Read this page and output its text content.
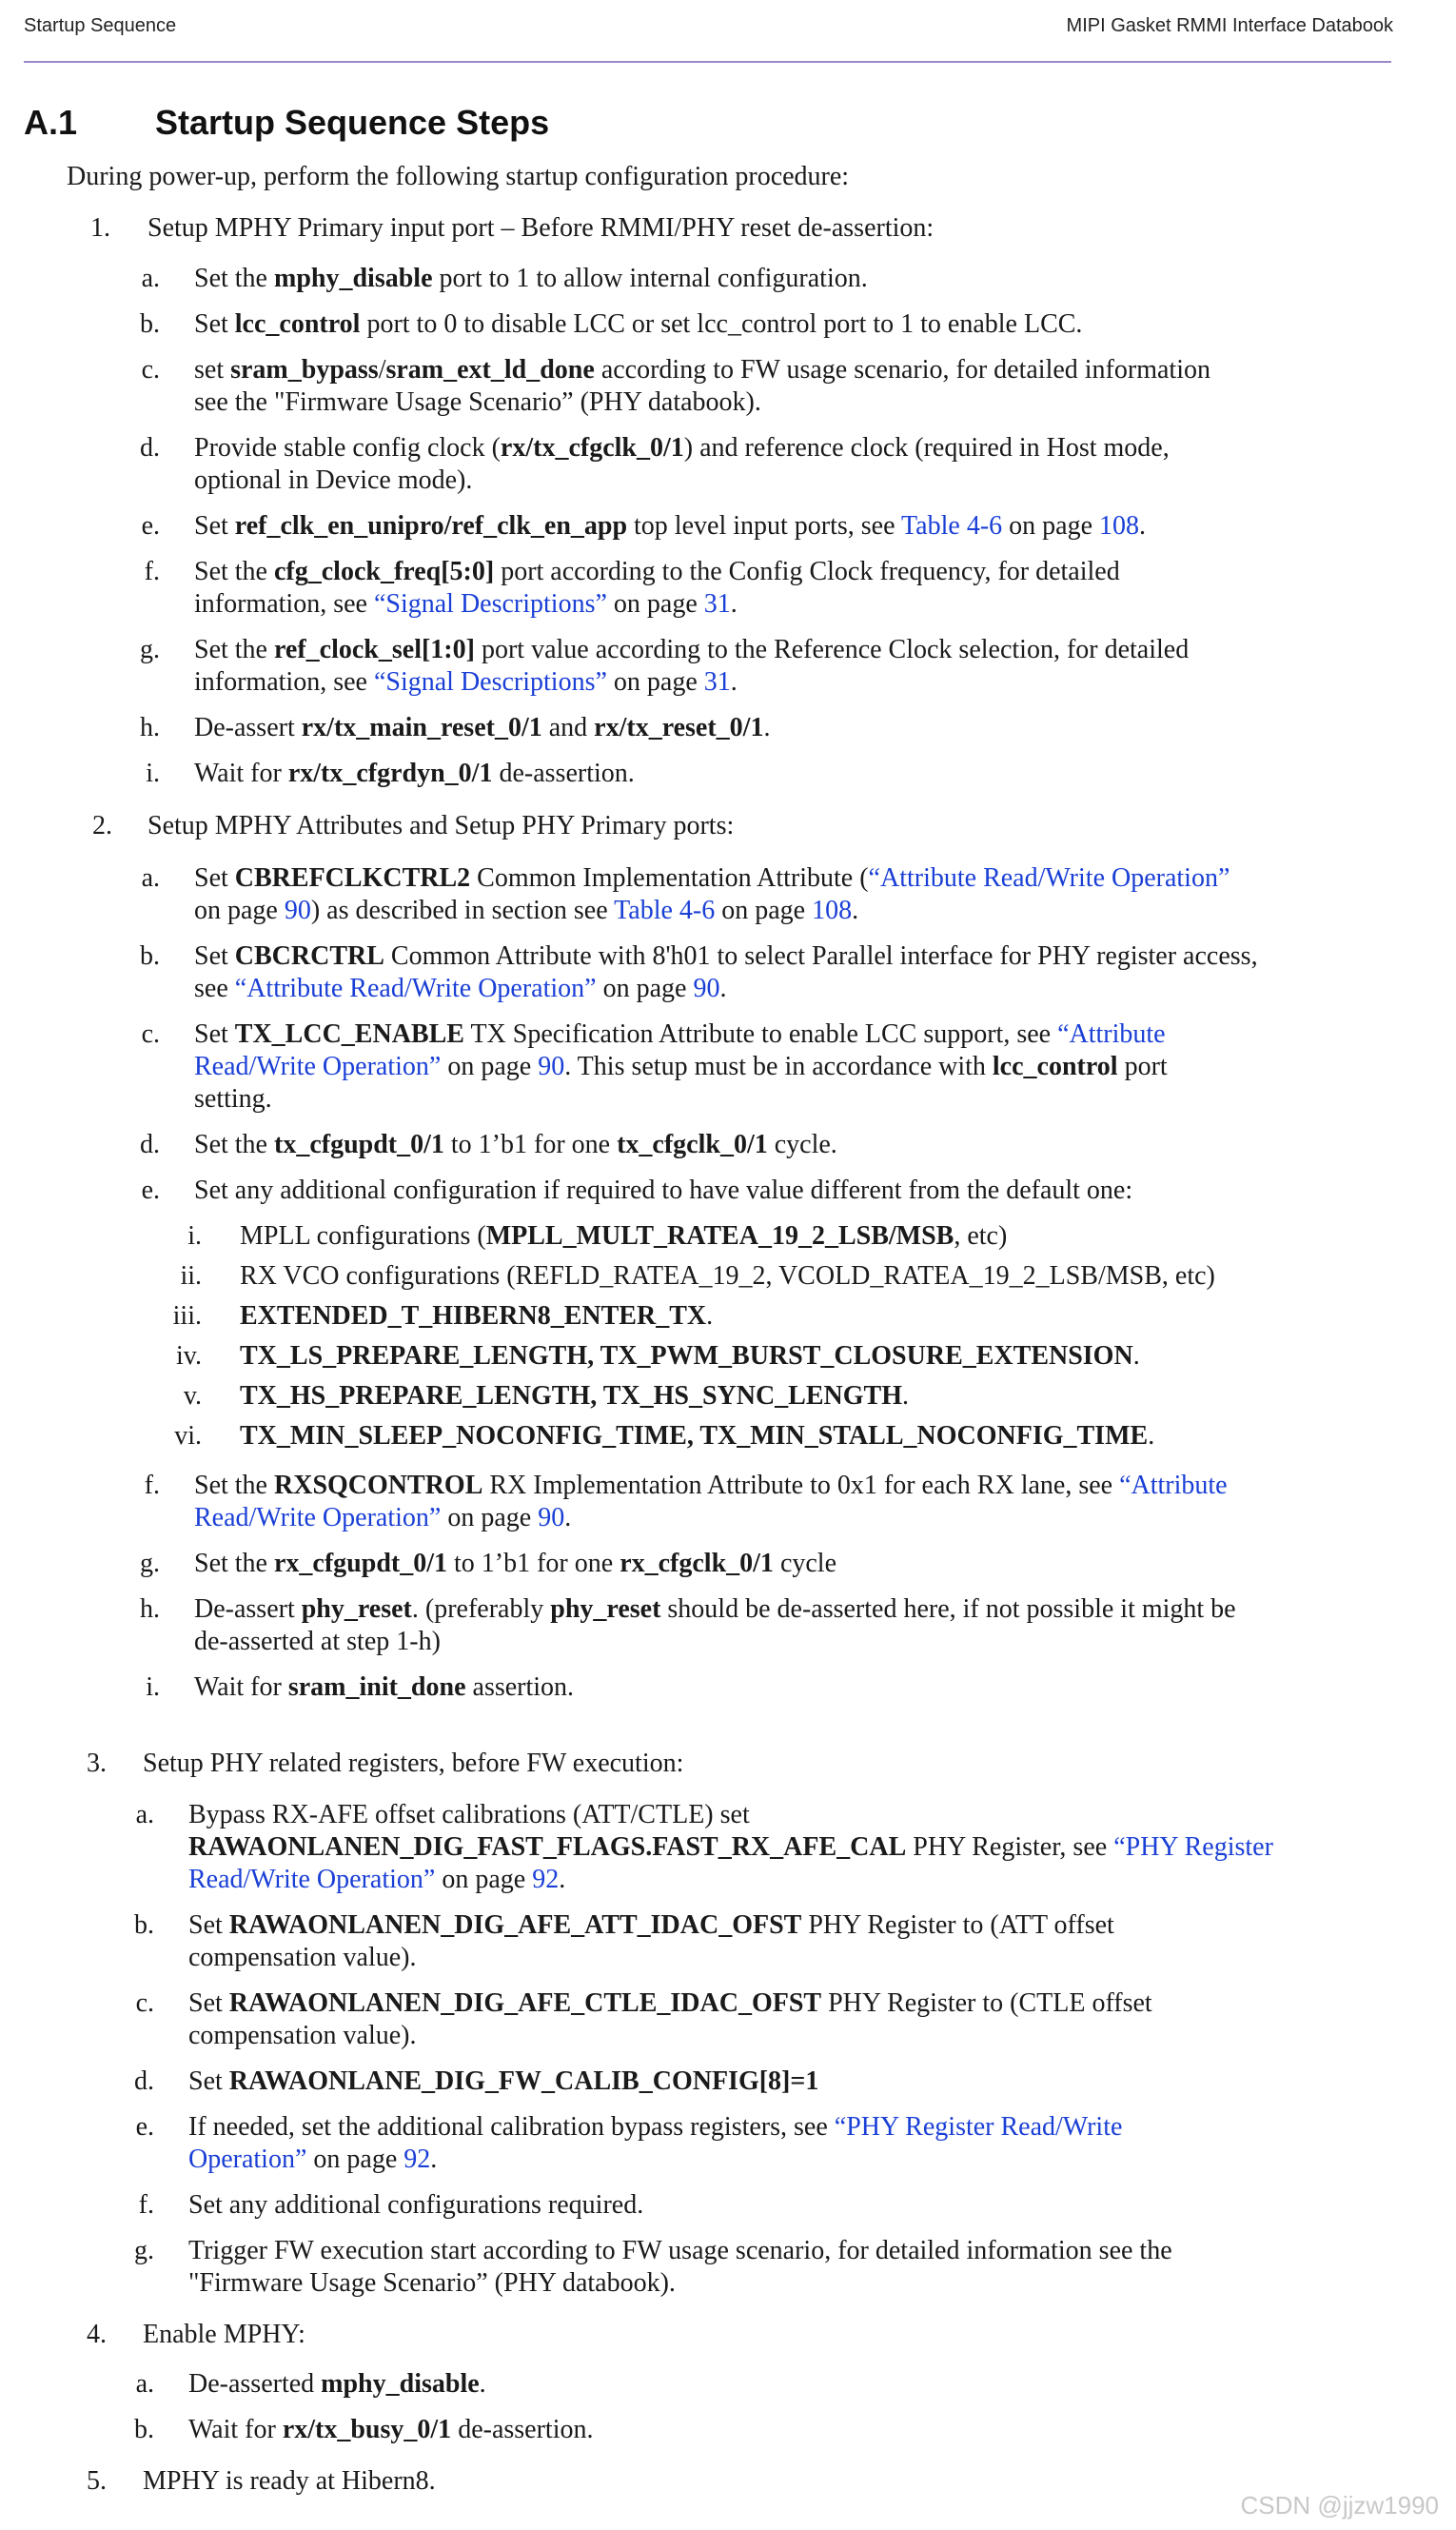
Startup Sequence	MIPI Gasket RMMI Interface Databook
A.1 Startup Sequence Steps
During power-up, perform the following startup configuration procedure:
1. Setup MPHY Primary input port – Before RMMI/PHY reset de-assertion:
a. Set the mphy_disable port to 1 to allow internal configuration.
b. Set lcc_control port to 0 to disable LCC or set lcc_control port to 1 to enable LCC.
c. set sram_bypass/sram_ext_ld_done according to FW usage scenario, for detailed information
see the "Firmware Usage Scenario” (PHY databook).
d. Provide stable config clock (rx/tx_cfgclk_0/1) and reference clock (required in Host mode,
optional in Device mode).
e. Set ref_clk_en_unipro/ref_clk_en_app top level input ports, see Table 4-6 on page 108.
f. Set the cfg_clock_freq[5:0] port according to the Config Clock frequency, for detailed
information, see “Signal Descriptions” on page 31.
g. Set the ref_clock_sel[1:0] port value according to the Reference Clock selection, for detailed
information, see “Signal Descriptions” on page 31.
h. De-assert rx/tx_main_reset_0/1 and rx/tx_reset_0/1.
i. Wait for rx/tx_cfgrdyn_0/1 de-assertion.
2. Setup MPHY Attributes and Setup PHY Primary ports:
a. Set CBREFCLKCTRL2 Common Implementation Attribute (“Attribute Read/Write Operation”
on page 90) as described in section see Table 4-6 on page 108.
b. Set CBCRCTRL Common Attribute with 8'h01 to select Parallel interface for PHY register access,
see “Attribute Read/Write Operation” on page 90.
c. Set TX_LCC_ENABLE TX Specification Attribute to enable LCC support, see “Attribute
Read/Write Operation” on page 90. This setup must be in accordance with lcc_control port
setting.
d. Set the tx_cfgupdt_0/1 to 1’b1 for one tx_cfgclk_0/1 cycle.
e. Set any additional configuration if required to have value different from the default one:
i. MPLL configurations (MPLL_MULT_RATEA_19_2_LSB/MSB, etc)
ii. RX VCO configurations (REFLD_RATEA_19_2, VCOLD_RATEA_19_2_LSB/MSB, etc)
iii. EXTENDED_T_HIBERN8_ENTER_TX.
iv. TX_LS_PREPARE_LENGTH, TX_PWM_BURST_CLOSURE_EXTENSION.
v. TX_HS_PREPARE_LENGTH, TX_HS_SYNC_LENGTH.
vi. TX_MIN_SLEEP_NOCONFIG_TIME, TX_MIN_STALL_NOCONFIG_TIME.
f. Set the RXSQCONTROL RX Implementation Attribute to 0x1 for each RX lane, see “Attribute
Read/Write Operation” on page 90.
g. Set the rx_cfgupdt_0/1 to 1’b1 for one rx_cfgclk_0/1 cycle
h. De-assert phy_reset. (preferably phy_reset should be de-asserted here, if not possible it might be
de-asserted at step 1-h)
i. Wait for sram_init_done assertion.
3. Setup PHY related registers, before FW execution:
a. Bypass RX-AFE offset calibrations (ATT/CTLE) set
RAWAONLANEN_DIG_FAST_FLAGS.FAST_RX_AFE_CAL PHY Register, see “PHY Register
Read/Write Operation” on page 92.
b. Set RAWAONLANEN_DIG_AFE_ATT_IDAC_OFST PHY Register to (ATT offset
compensation value).
c. Set RAWAONLANEN_DIG_AFE_CTLE_IDAC_OFST PHY Register to (CTLE offset
compensation value).
d. Set RAWAONLANE_DIG_FW_CALIB_CONFIG[8]=1
e. If needed, set the additional calibration bypass registers, see “PHY Register Read/Write
Operation” on page 92.
f. Set any additional configurations required.
g. Trigger FW execution start according to FW usage scenario, for detailed information see the
"Firmware Usage Scenario” (PHY databook).
4. Enable MPHY:
a. De-asserted mphy_disable.
b. Wait for rx/tx_busy_0/1 de-assertion.
5. MPHY is ready at Hibern8.
CSDN @jjzw1990
